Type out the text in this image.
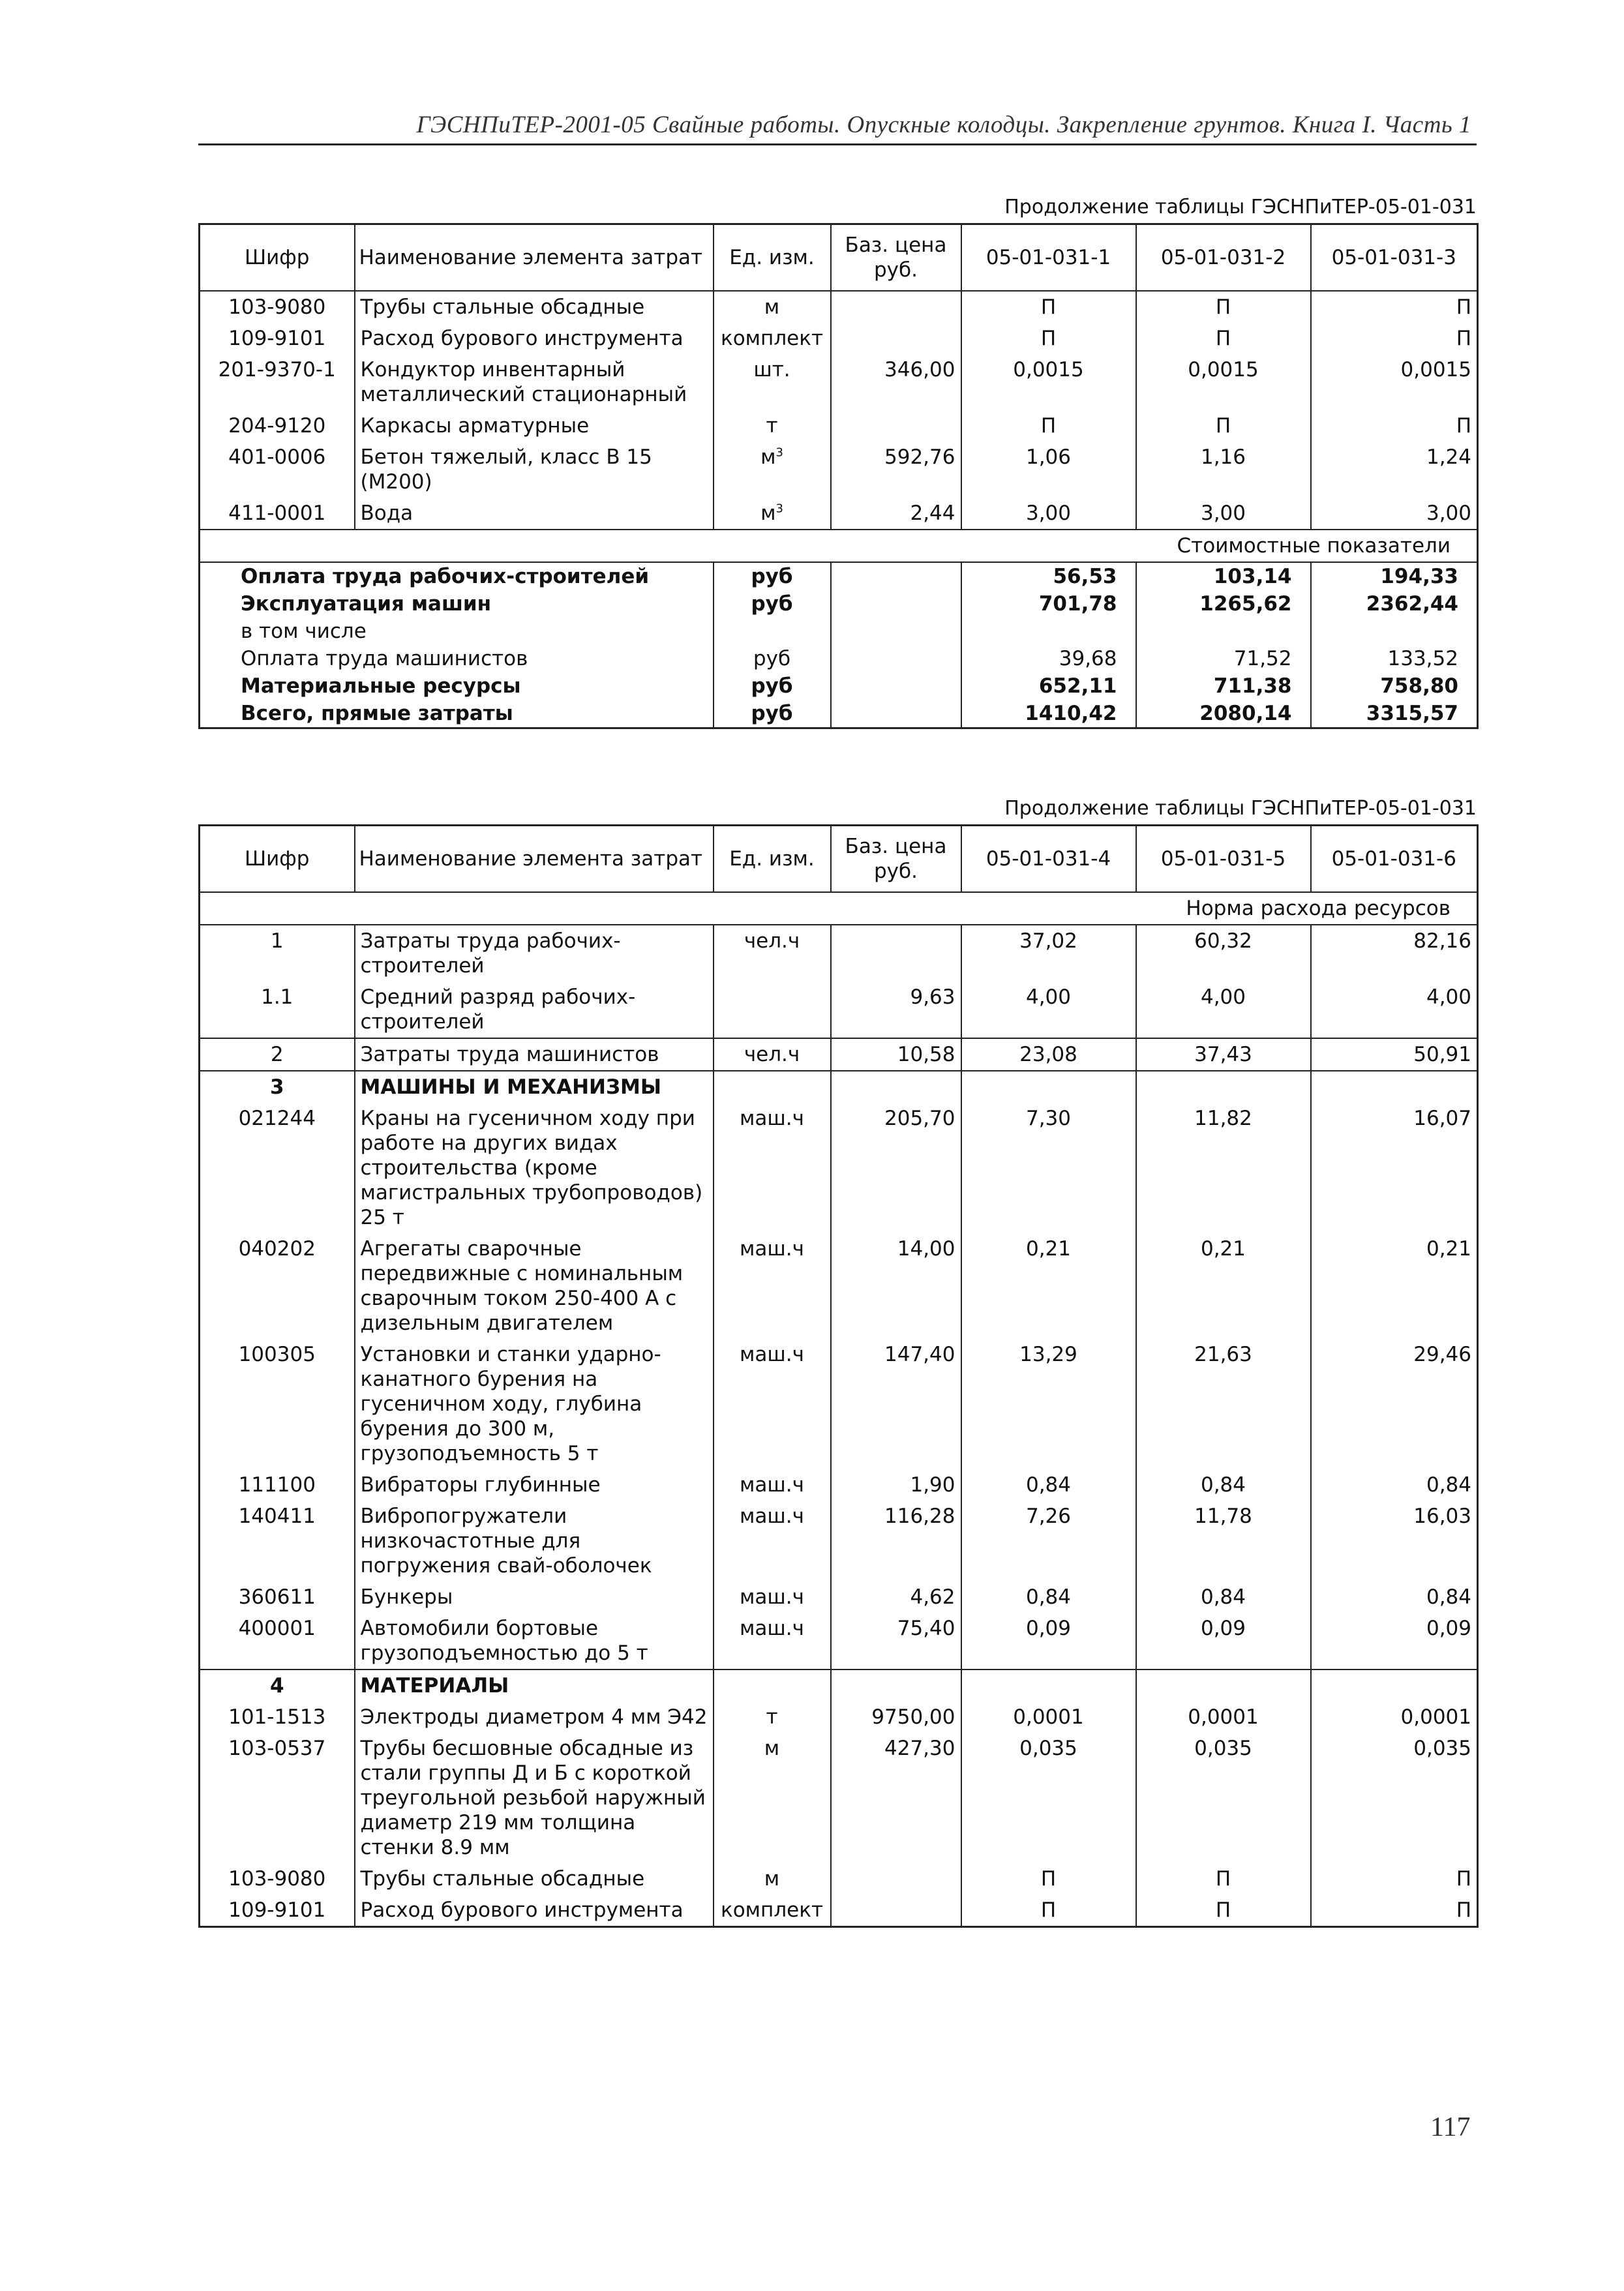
ГЭСНПиТЕР-2001-05 Свайные работы. Опускные колодцы. Закрепление грунтов. Книга I. Часть 1
Продолжение таблицы ГЭСНПиТЕР-05-01-031
Шифр	Наименование элемента затрат	Ед. изм.	Баз. цена руб.	05-01-031-1	05-01-031-2	05-01-031-3
103-9080	Трубы стальные обсадные	м		П	П	П
109-9101	Расход бурового инструмента	комплект		П	П	П
201-9370-1	Кондуктор инвентарный металлический стационарный	шт.	346,00	0,0015	0,0015	0,0015
204-9120	Каркасы арматурные	т		П	П	П
401-0006	Бетон тяжелый, класс В 15 (М200)	$м^3$	592,76	1,06	1,16	1,24
411-0001	Вода	$м^3$	2,44	3,00	3,00	3,00
Стоимостные показатели						
Оплата труда рабочих-строителей		руб		56,53	103,14	194,33
Эксплуатация машин		руб		701,78	1265,62	2362,44
в том числе						
Оплата труда машинистов		руб		39,68	71,52	133,52
Материальные ресурсы		руб		652,11	711,38	758,80
Всего, прямые затраты		руб		1410,42	2080,14	3315,57
Продолжение таблицы ГЭСНПиТЕР-05-01-031
Шифр	Наименование элемента затрат	Ед. изм.	Баз. цена руб.	05-01-031-4	05-01-031-5	05-01-031-6
Норма расхода ресурсов						
1	Затраты труда рабочих-строителей	чел.ч		37,02	60,32	82,16
1.1	Средний разряд рабочих-строителей		9,63	4,00	4,00	4,00
2	Затраты труда машинистов	чел.ч	10,58	23,08	37,43	50,91
3	МАШИНЫ И МЕХАНИЗМЫ					
021244	Краны на гусеничном ходу при работе на других видах строительства (кроме магистральных трубопроводов) 25 т	маш.ч	205,70	7,30	11,82	16,07
040202	Агрегаты сварочные передвижные с номинальным сварочным током 250-400 А с дизельным двигателем	маш.ч	14,00	0,21	0,21	0,21
100305	Установки и станки ударно-канатного бурения на гусеничном ходу, глубина бурения до 300 м, грузоподъемность 5 т	маш.ч	147,40	13,29	21,63	29,46
111100	Вибраторы глубинные	маш.ч	1,90	0,84	0,84	0,84
140411	Вибропогружатели низкочастотные для погружения свай-оболочек	маш.ч	116,28	7,26	11,78	16,03
360611	Бункеры	маш.ч	4,62	0,84	0,84	0,84
400001	Автомобили бортовые грузоподъемностью до 5 т	маш.ч	75,40	0,09	0,09	0,09
4	МАТЕРИАЛЫ					
101-1513	Электроды диаметром 4 мм Э42	т	9750,00	0,0001	0,0001	0,0001
103-0537	Трубы бесшовные обсадные из стали группы Д и Б с короткой треугольной резьбой наружный диаметр 219 мм толщина стенки 8.9 мм	м	427,30	0,035	0,035	0,035
103-9080	Трубы стальные обсадные	м		П	П	П
109-9101	Расход бурового инструмента	комплект		П	П	П
117
